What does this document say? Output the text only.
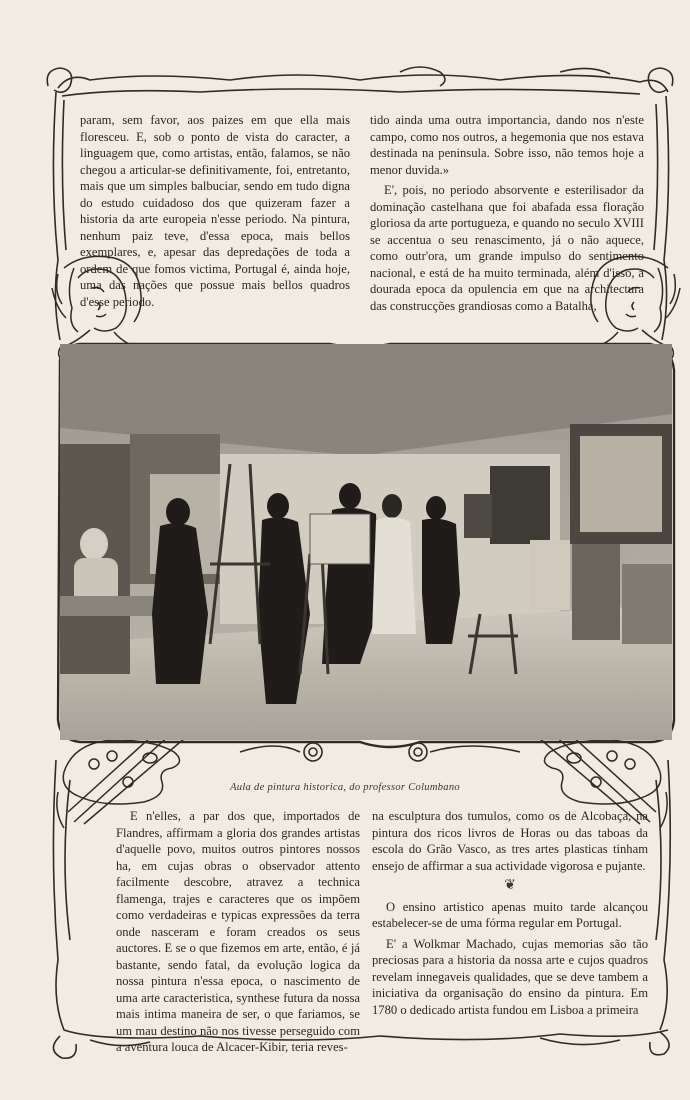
param, sem favor, aos paizes em que ella mais floresceu. E, sob o ponto de vista do caracter, a linguagem que, como artistas, então, falamos, se não chegou a articular-se definitivamente, foi, entretanto, mais que um simples balbuciar, sendo em tudo digna do estudo cuidadoso dos que quizeram fazer a historia da arte europeia n'esse periodo. Na pintura, nenhum paiz teve, d'essa epoca, mais bellos exemplares, e, apesar das depredações de toda a ordem de que fomos victima, Portugal é, ainda hoje, uma das nações que possue mais bellos quadros d'esse periodo.

tido ainda uma outra importancia, dando nos n'este campo, como nos outros, a hegemonia que nos estava destinada na peninsula. Sobre isso, não temos hoje a menor duvida.»

E', pois, no periodo absorvente e esterilisador da dominação castelhana que foi abafada essa floração gloriosa da arte portugueza, e quando no seculo XVIII se accentua o seu renascimento, já o não aquece, como outr'ora, um grande impulso do sentimento nacional, e está de ha muito terminada, além d'isso, a dourada epoca da opulencia em que na architectura das construcções grandiosas como a Batalha,

Aula de pintura historica, do professor Columbano

E n'elles, a par dos que, importados de Flandres, affirmam a gloria dos grandes artistas d'aquelle povo, muitos outros pintores nossos ha, em cujas obras o observador attento facilmente descobre, atravez a technica flamenga, trajes e caracteres que os impõem como verdadeiras e typicas expressões da terra onde nasceram e foram creados os seus auctores. E se o que fizemos em arte, então, é já bastante, sendo fatal, da evolução logica da nossa pintura n'essa epoca, o nascimento de uma arte caracteristica, synthese futura da nossa mais intima maneira de ser, o que fariamos, se um mau destino não nos tivesse perseguido com a aventura louca de Alcacer-Kibir, teria reves-

na esculptura dos tumulos, como os de Alcobaça, na pintura dos ricos livros de Horas ou das taboas da escola do Grão Vasco, as tres artes plasticas tinham ensejo de affirmar a sua actividade vigorosa e pujante.

❦

O ensino artistico apenas muito tarde alcançou estabelecer-se de uma fórma regular em Portugal.

E' a Wolkmar Machado, cujas memorias são tão preciosas para a historia da nossa arte e cujos quadros revelam innegaveis qualidades, que se deve tambem a iniciativa da organisação do ensino da pintura. Em 1780 o dedicado artista fundou em Lisboa a primeira
